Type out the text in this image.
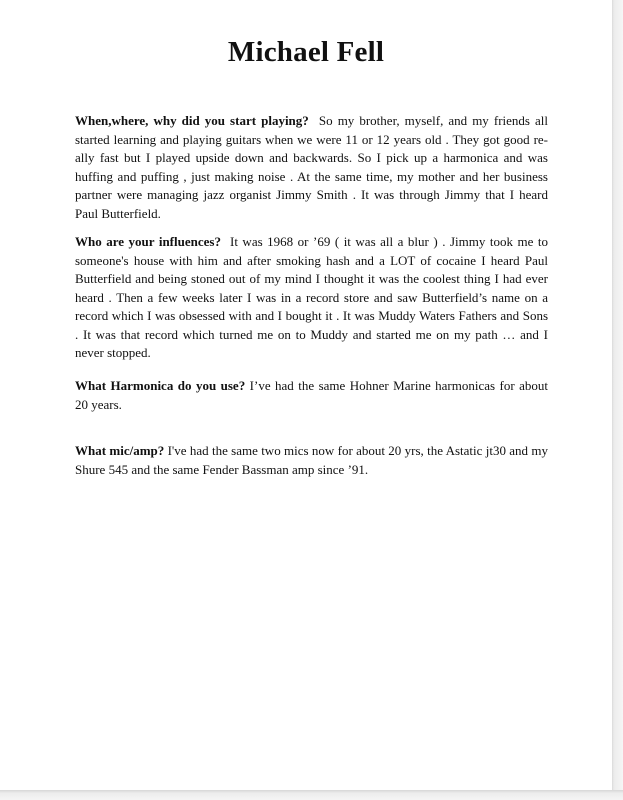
Michael Fell

When,where, why did you start playing? So my brother, myself, and my friends all started learning and playing guitars when we were 11 or 12 years old . They got good re-ally fast but I played upside down and backwards. So I pick up a harmonica and was huffing and puffing , just making noise . At the same time, my mother and her business partner were managing jazz organist Jimmy Smith . It was through Jimmy that I heard Paul Butterfield.

Who are your influences? It was 1968 or ’69 ( it was all a blur ) . Jimmy took me to someone's house with him and after smoking hash and a LOT of cocaine I heard Paul Butterfield and being stoned out of my mind I thought it was the coolest thing I had ever heard . Then a few weeks later I was in a record store and saw Butterfield’s name on a record which I was obsessed with and I bought it . It was Muddy Waters Fathers and Sons . It was that record which turned me on to Muddy and started me on my path … and I never stopped.

What Harmonica do you use? I’ve had the same Hohner Marine harmonicas for about 20 years.

What mic/amp? I've had the same two mics now for about 20 yrs, the Astatic jt30 and my Shure 545 and the same Fender Bassman amp since ’91.
